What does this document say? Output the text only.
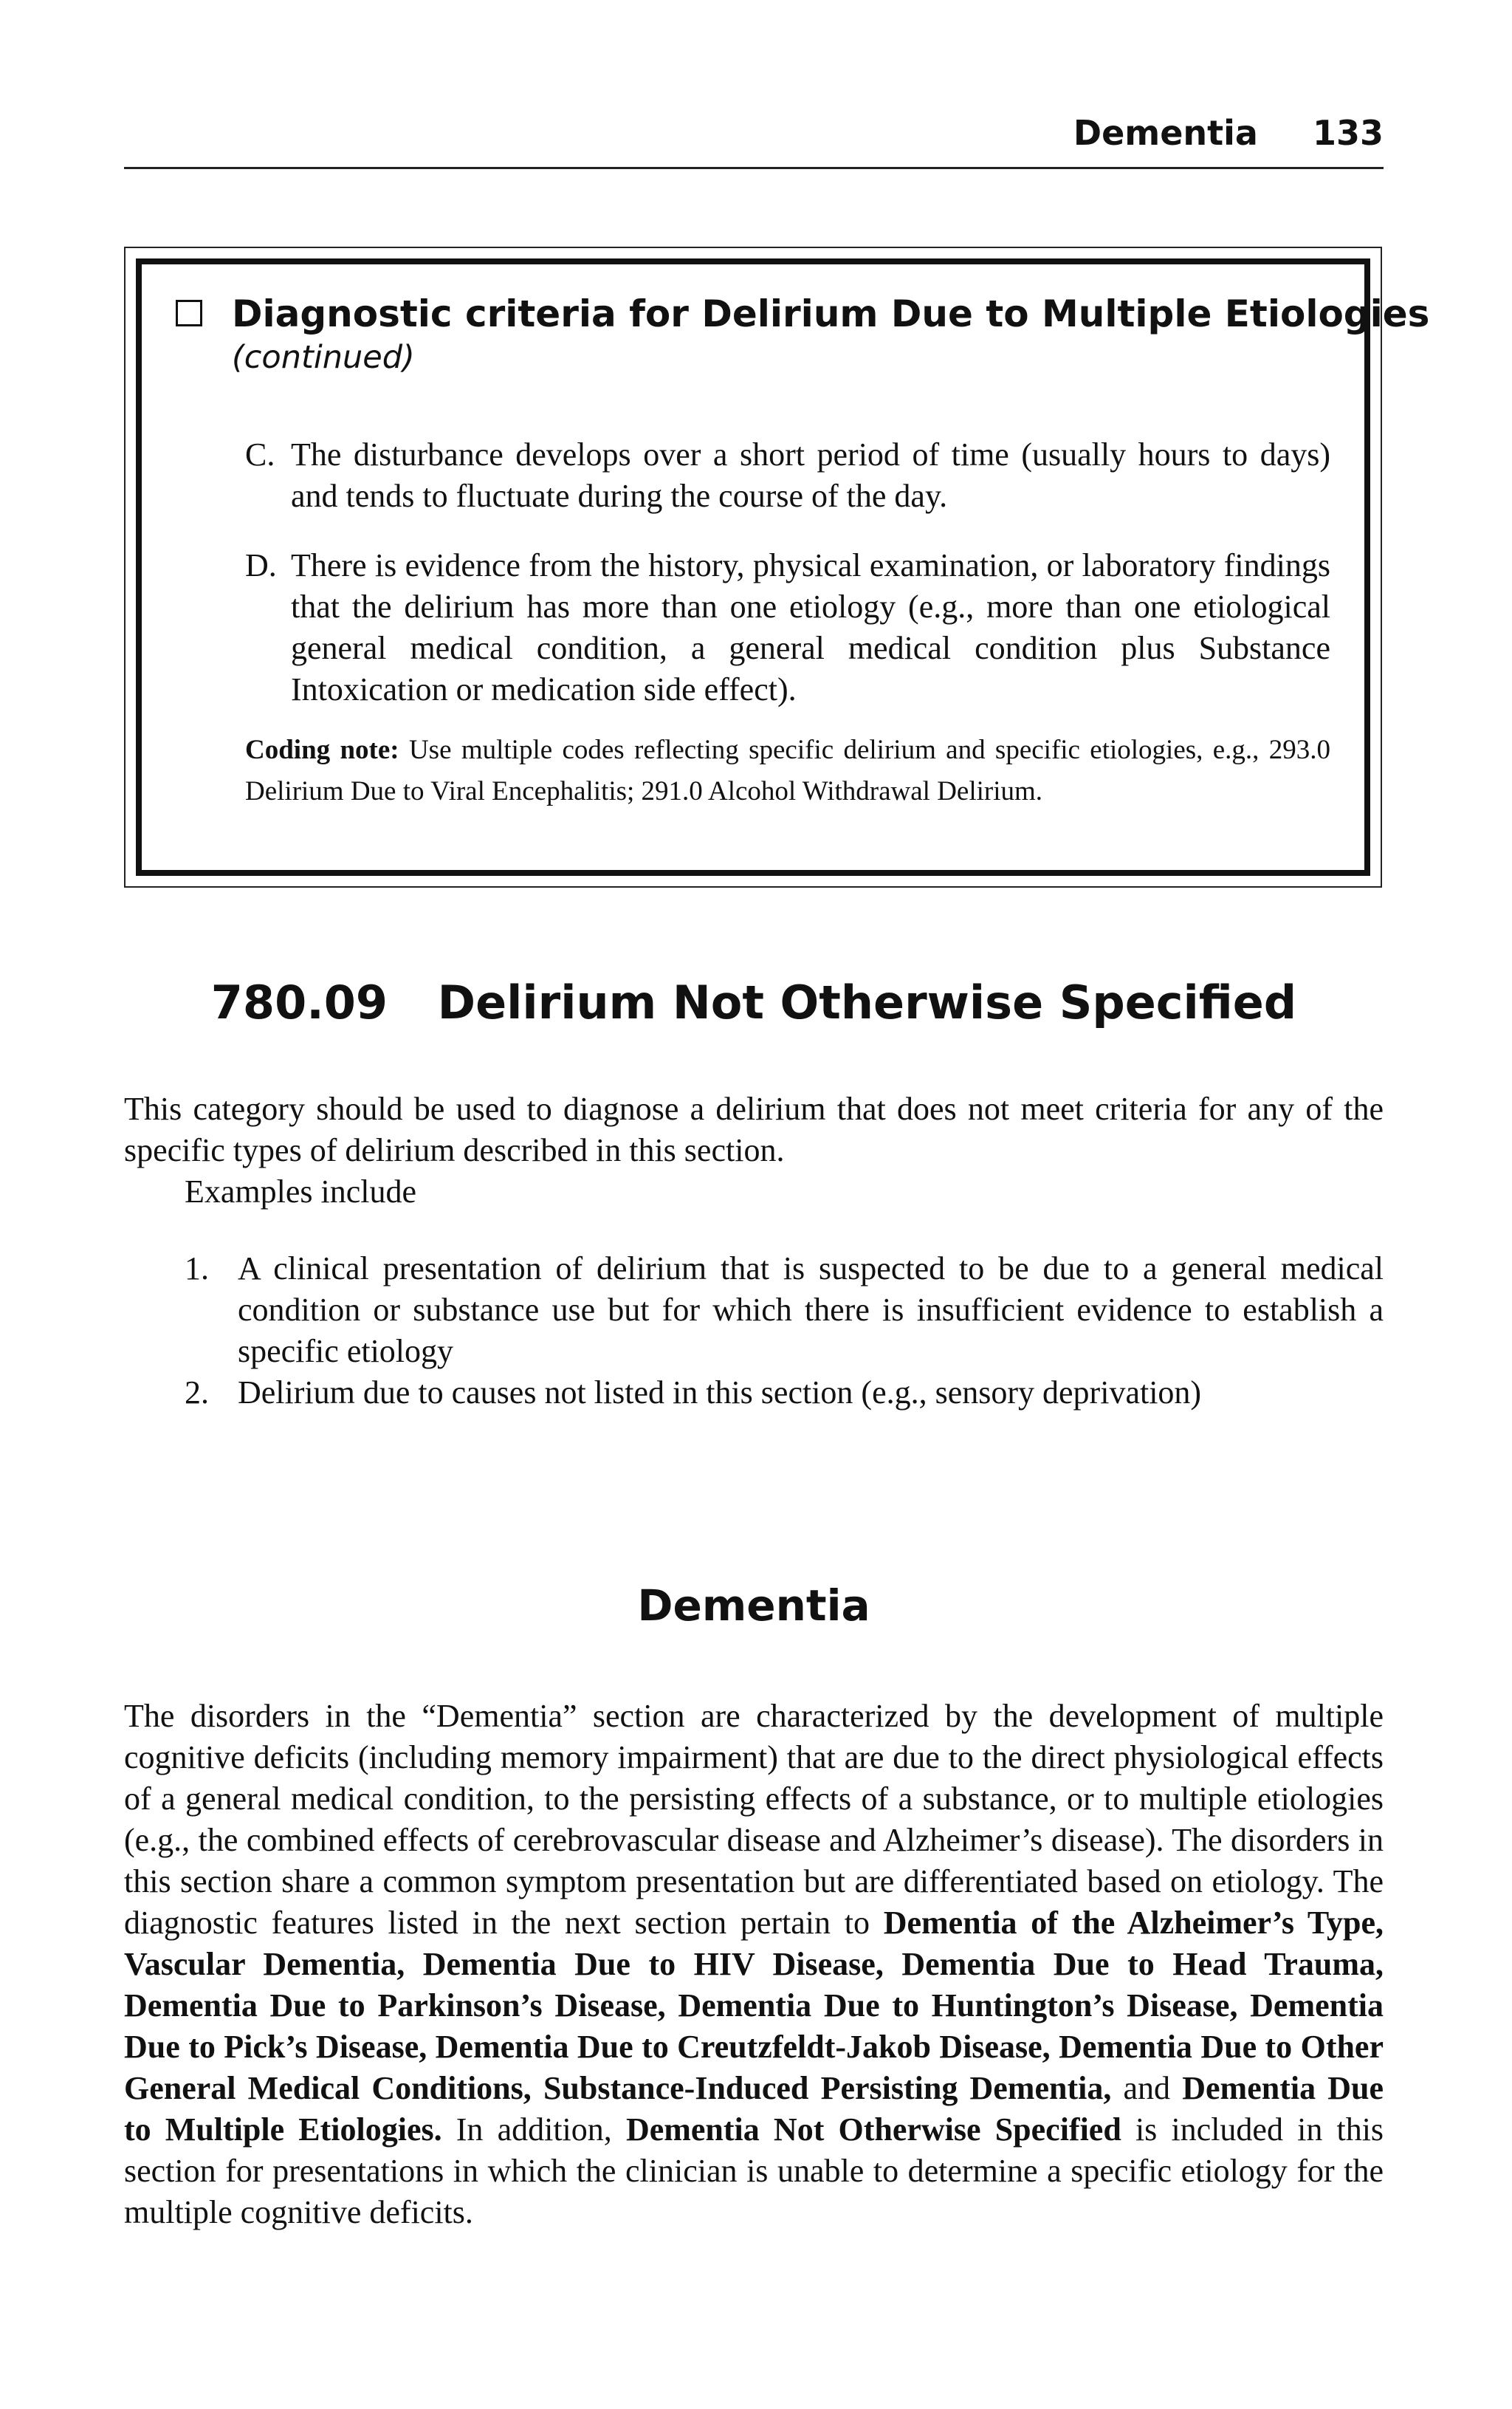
Dementia 133
Diagnostic criteria for Delirium Due to Multiple Etiologies
(continued)
C. The disturbance develops over a short period of time (usually hours to days) and tends to fluctuate during the course of the day.
D. There is evidence from the history, physical examination, or laboratory findings that the delirium has more than one etiology (e.g., more than one etiological general medical condition, a general medical condition plus Substance Intoxication or medication side effect).
Coding note: Use multiple codes reflecting specific delirium and specific etiologies, e.g., 293.0 Delirium Due to Viral Encephalitis; 291.0 Alcohol Withdrawal Delirium.
780.09 Delirium Not Otherwise Specified
This category should be used to diagnose a delirium that does not meet criteria for any of the specific types of delirium described in this section.
Examples include
1. A clinical presentation of delirium that is suspected to be due to a general medical condition or substance use but for which there is insufficient evidence to establish a specific etiology
2. Delirium due to causes not listed in this section (e.g., sensory deprivation)
Dementia
The disorders in the “Dementia” section are characterized by the development of multiple cognitive deficits (including memory impairment) that are due to the direct physiological effects of a general medical condition, to the persisting effects of a substance, or to multiple etiologies (e.g., the combined effects of cerebrovascular disease and Alzheimer’s disease). The disorders in this section share a common symptom presentation but are differentiated based on etiology. The diagnostic features listed in the next section pertain to Dementia of the Alzheimer’s Type, Vascular Dementia, Dementia Due to HIV Disease, Dementia Due to Head Trauma, Dementia Due to Parkinson’s Disease, Dementia Due to Huntington’s Disease, Dementia Due to Pick’s Disease, Dementia Due to Creutzfeldt-Jakob Disease, Dementia Due to Other General Medical Conditions, Substance-Induced Persisting Dementia, and Dementia Due to Multiple Etiologies. In addition, Dementia Not Otherwise Specified is included in this section for presentations in which the clinician is unable to determine a specific etiology for the multiple cognitive deficits.
